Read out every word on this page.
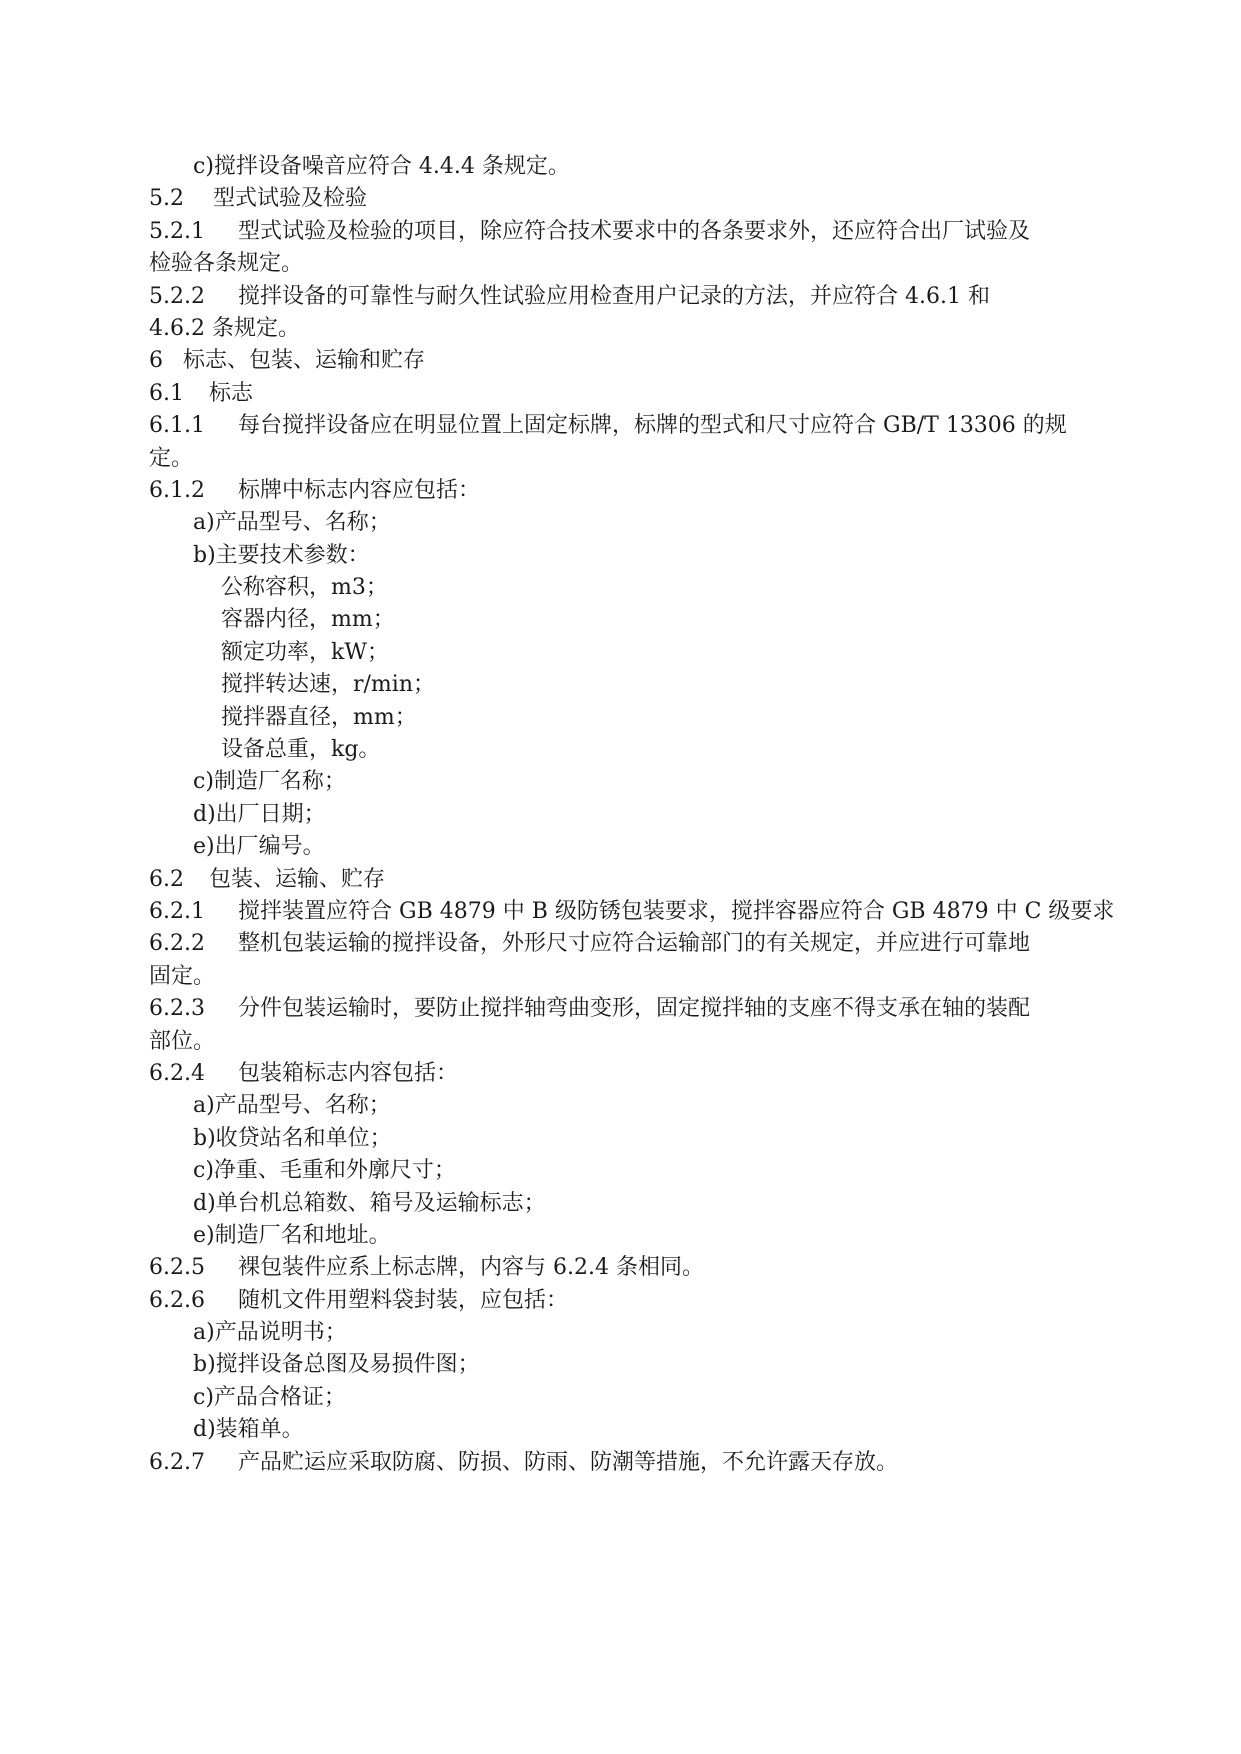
c)搅拌设备噪音应符合 4.4.4 条规定。
5.2 型式试验及检验
5.2.1 型式试验及检验的项目，除应符合技术要求中的各条要求外，还应符合出厂试验及
检验各条规定。
5.2.2 搅拌设备的可靠性与耐久性试验应用检查用户记录的方法，并应符合 4.6.1 和
4.6.2 条规定。
6 标志、包装、运输和贮存
6.1 标志
6.1.1 每台搅拌设备应在明显位置上固定标牌，标牌的型式和尺寸应符合 GB/T 13306 的规
定。
6.1.2 标牌中标志内容应包括：
a)产品型号、名称；
b)主要技术参数：
公称容积，m3；
容器内径，mm；
额定功率，kW；
搅拌转达速，r/min；
搅拌器直径，mm；
设备总重，kg。
c)制造厂名称；
d)出厂日期；
e)出厂编号。
6.2 包装、运输、贮存
6.2.1 搅拌装置应符合 GB 4879 中 B 级防锈包装要求，搅拌容器应符合 GB 4879 中 C 级要求
6.2.2 整机包装运输的搅拌设备，外形尺寸应符合运输部门的有关规定，并应进行可靠地
固定。
6.2.3 分件包装运输时，要防止搅拌轴弯曲变形，固定搅拌轴的支座不得支承在轴的装配
部位。
6.2.4 包装箱标志内容包括：
a)产品型号、名称；
b)收贷站名和单位；
c)净重、毛重和外廓尺寸；
d)单台机总箱数、箱号及运输标志；
e)制造厂名和地址。
6.2.5 裸包装件应系上标志牌，内容与 6.2.4 条相同。
6.2.6 随机文件用塑料袋封装，应包括：
a)产品说明书；
b)搅拌设备总图及易损件图；
c)产品合格证；
d)装箱单。
6.2.7 产品贮运应采取防腐、防损、防雨、防潮等措施，不允许露天存放。
